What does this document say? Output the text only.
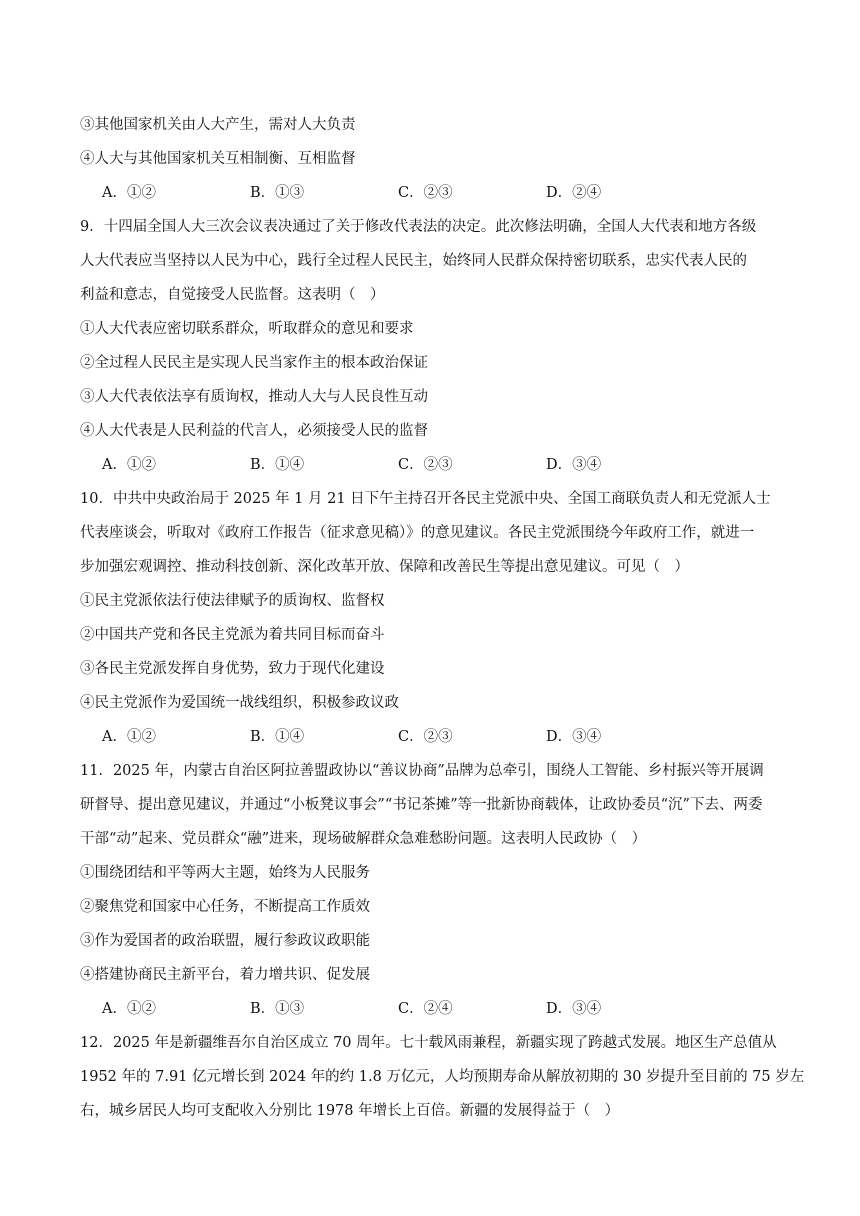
③其他国家机关由人大产生，需对人大负责
④人大与其他国家机关互相制衡、互相监督
A．①②	B．①③	C．②③	D．②④
9．十四届全国人大三次会议表决通过了关于修改代表法的决定。此次修法明确，全国人大代表和地方各级
人大代表应当坚持以人民为中心，践行全过程人民民主，始终同人民群众保持密切联系，忠实代表人民的
利益和意志，自觉接受人民监督。这表明（　）
①人大代表应密切联系群众，听取群众的意见和要求
②全过程人民民主是实现人民当家作主的根本政治保证
③人大代表依法享有质询权，推动人大与人民良性互动
④人大代表是人民利益的代言人，必须接受人民的监督
A．①②	B．①④	C．②③	D．③④
10．中共中央政治局于 2025 年 1 月 21 日下午主持召开各民主党派中央、全国工商联负责人和无党派人士
代表座谈会，听取对《政府工作报告（征求意见稿）》的意见建议。各民主党派围绕今年政府工作，就进一
步加强宏观调控、推动科技创新、深化改革开放、保障和改善民生等提出意见建议。可见（　）
①民主党派依法行使法律赋予的质询权、监督权
②中国共产党和各民主党派为着共同目标而奋斗
③各民主党派发挥自身优势，致力于现代化建设
④民主党派作为爱国统一战线组织，积极参政议政
A．①②	B．①④	C．②③	D．③④
11．2025 年，内蒙古自治区阿拉善盟政协以“善议协商”品牌为总牵引，围绕人工智能、乡村振兴等开展调
研督导、提出意见建议，并通过“小板凳议事会”“书记茶摊”等一批新协商载体，让政协委员“沉”下去、两委
干部“动”起来、党员群众“融”进来，现场破解群众急难愁盼问题。这表明人民政协（　）
①围绕团结和平等两大主题，始终为人民服务
②聚焦党和国家中心任务，不断提高工作质效
③作为爱国者的政治联盟，履行参政议政职能
④搭建协商民主新平台，着力增共识、促发展
A．①②	B．①③	C．②④	D．③④
12．2025 年是新疆维吾尔自治区成立 70 周年。七十载风雨兼程，新疆实现了跨越式发展。地区生产总值从
1952 年的 7.91 亿元增长到 2024 年的约 1.8 万亿元，人均预期寿命从解放初期的 30 岁提升至目前的 75 岁左
右，城乡居民人均可支配收入分别比 1978 年增长上百倍。新疆的发展得益于（　）
